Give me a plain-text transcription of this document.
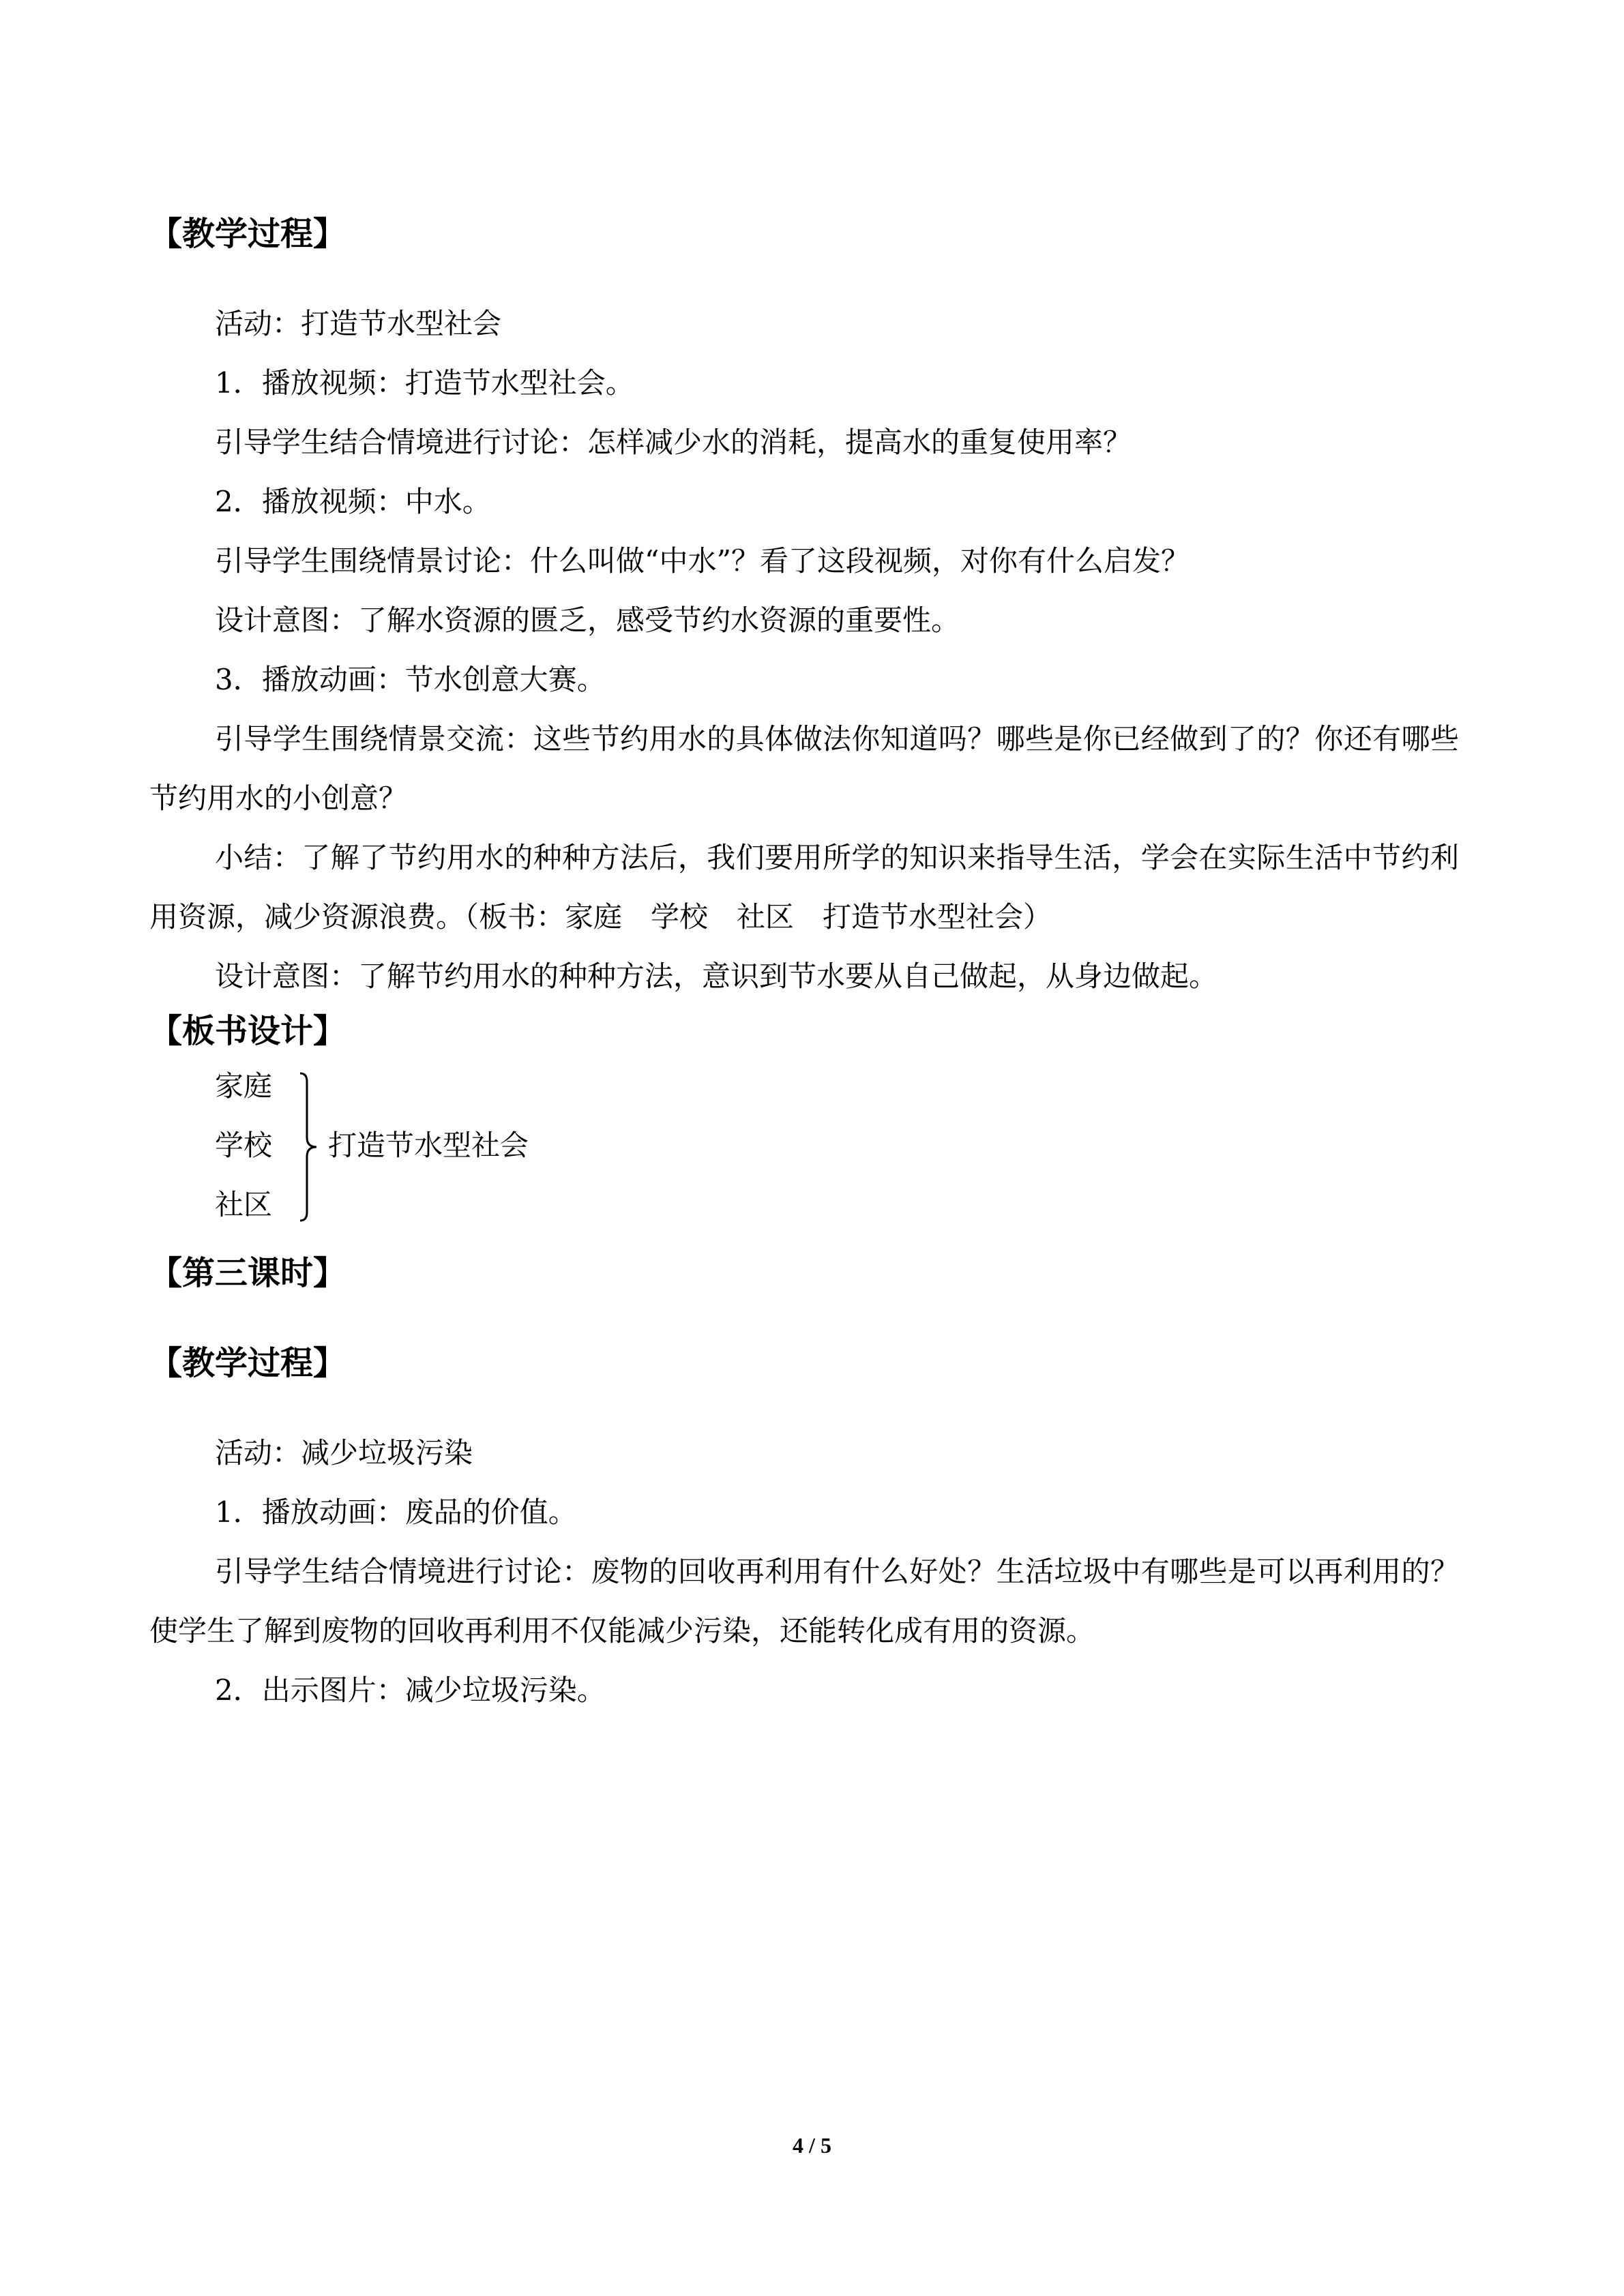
【教学过程】
活动：打造节水型社会
1．播放视频：打造节水型社会。
引导学生结合情境进行讨论：怎样减少水的消耗，提高水的重复使用率？
2．播放视频：中水。
引导学生围绕情景讨论：什么叫做“中水”？看了这段视频，对你有什么启发？
设计意图：了解水资源的匮乏，感受节约水资源的重要性。
3．播放动画：节水创意大赛。
引导学生围绕情景交流：这些节约用水的具体做法你知道吗？哪些是你已经做到了的？你还有哪些节约用水的小创意？
小结：了解了节约用水的种种方法后，我们要用所学的知识来指导生活，学会在实际生活中节约利用资源，减少资源浪费。（板书：家庭　学校　社区　打造节水型社会）
设计意图：了解节约用水的种种方法，意识到节水要从自己做起，从身边做起。
【板书设计】
家庭
学校
社区
打造节水型社会
【第三课时】
【教学过程】
活动：减少垃圾污染
1．播放动画：废品的价值。
引导学生结合情境进行讨论：废物的回收再利用有什么好处？生活垃圾中有哪些是可以再利用的？使学生了解到废物的回收再利用不仅能减少污染，还能转化成有用的资源。
2．出示图片：减少垃圾污染。
4 / 5
